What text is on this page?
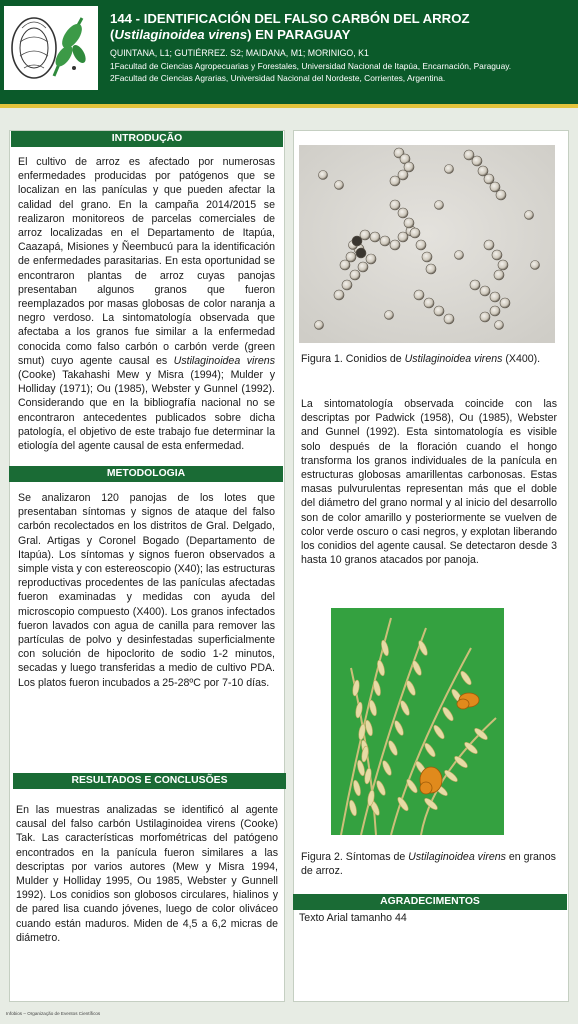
144 - IDENTIFICACIÓN DEL FALSO CARBÓN DEL ARROZ (Ustilaginoidea virens) EN PARAGUAY
QUINTANA, L1; GUTIÉRREZ. S2; MAIDANA, M1; MORINIGO, K1
1Facultad de Ciencias Agropecuarias y Forestales, Universidad Nacional de Itapúa, Encarnación, Paraguay.
2Facultad de Ciencias Agrarias, Universidad Nacional del Nordeste, Corrientes, Argentina.
INTRODUÇÃO

El cultivo de arroz es afectado por numerosas enfermedades producidas por patógenos que se localizan en las panículas y que pueden afectar la calidad del grano. En la campaña 2014/2015 se realizaron monitoreos de parcelas comerciales de arroz localizadas en el Departamento de Itapúa, Caazapá, Misiones y Ñeembucú para la identificación de enfermedades parasitarias. En esta oportunidad se encontraron plantas de arroz cuyas panojas presentaban algunos granos que fueron reemplazados por masas globosas de color naranja a negro verdoso. La sintomatología observada que afectaba a los granos fue similar a la enfermedad conocida como falso carbón o carbón verde (green smut) cuyo agente causal es Ustilaginoidea virens (Cooke) Takahashi Mew y Misra (1994); Mulder y Holliday (1971); Ou (1985), Webster y Gunnel (1992). Considerando que en la bibliografía nacional no se encontraron antecedentes publicados sobre dicha patología, el objetivo de este trabajo fue determinar la etiología del agente causal de esta enfermedad.

METODOLOGIA

Se analizaron 120 panojas de los lotes que presentaban síntomas y signos de ataque del falso carbón recolectados en los distritos de Gral. Delgado, Gral. Artigas y Coronel Bogado (Departamento de Itapúa). Los síntomas y signos fueron observados a simple vista y con estereoscopio (X40); las estructuras reproductivas procedentes de las panículas afectadas fueron examinadas y medidas con ayuda del microscopio compuesto (X400). Los granos infectados fueron lavados con agua de canilla para remover las partículas de polvo y desinfestadas superficialmente con solución de hipoclorito de sodio 1-2 minutos, secadas y luego transferidas a medio de cultivo PDA. Los platos fueron incubados a 25-28ºC por 7-10 días.

RESULTADOS E CONCLUSÕES

En las muestras analizadas se identificó al agente causal del falso carbón Ustilaginoidea virens (Cooke) Tak. Las características morfométricas del patógeno encontrados en la panícula fueron similares a las descriptas por varios autores (Mew y Misra 1994, Mulder y Holliday 1995, Ou 1985, Webster y Gunnell 1992). Los conidios son globosos circulares, hialinos y de pared lisa cuando jóvenes, luego de color oliváceo cuando están maduros. Miden de 4,5 a 6,2 micras de diámetro.

Figura 1. Conidios de Ustilaginoidea virens (X400).

La sintomatología observada coincide con las descriptas por Padwick (1958), Ou (1985), Webster and Gunnel (1992). Esta sintomatología es visible solo después de la floración cuando el hongo transforma los granos individuales de la panícula en estructuras globosas amarillentas carbonosas. Estas masas pulvurulentas representan más que el doble del diámetro del grano normal y al inicio del desarrollo son de color amarillo y posteriormente se vuelven de color verde oscuro o casi negros, y explotan liberando los conidios del agente causal. Se detectaron desde 3 hasta 10 granos atacados por panoja.

Figura 2. Síntomas de Ustilaginoidea virens en granos de arroz.

AGRADECIMENTOS

Texto Arial tamanho 44

Infobios – Organização de Eventos Científicos
